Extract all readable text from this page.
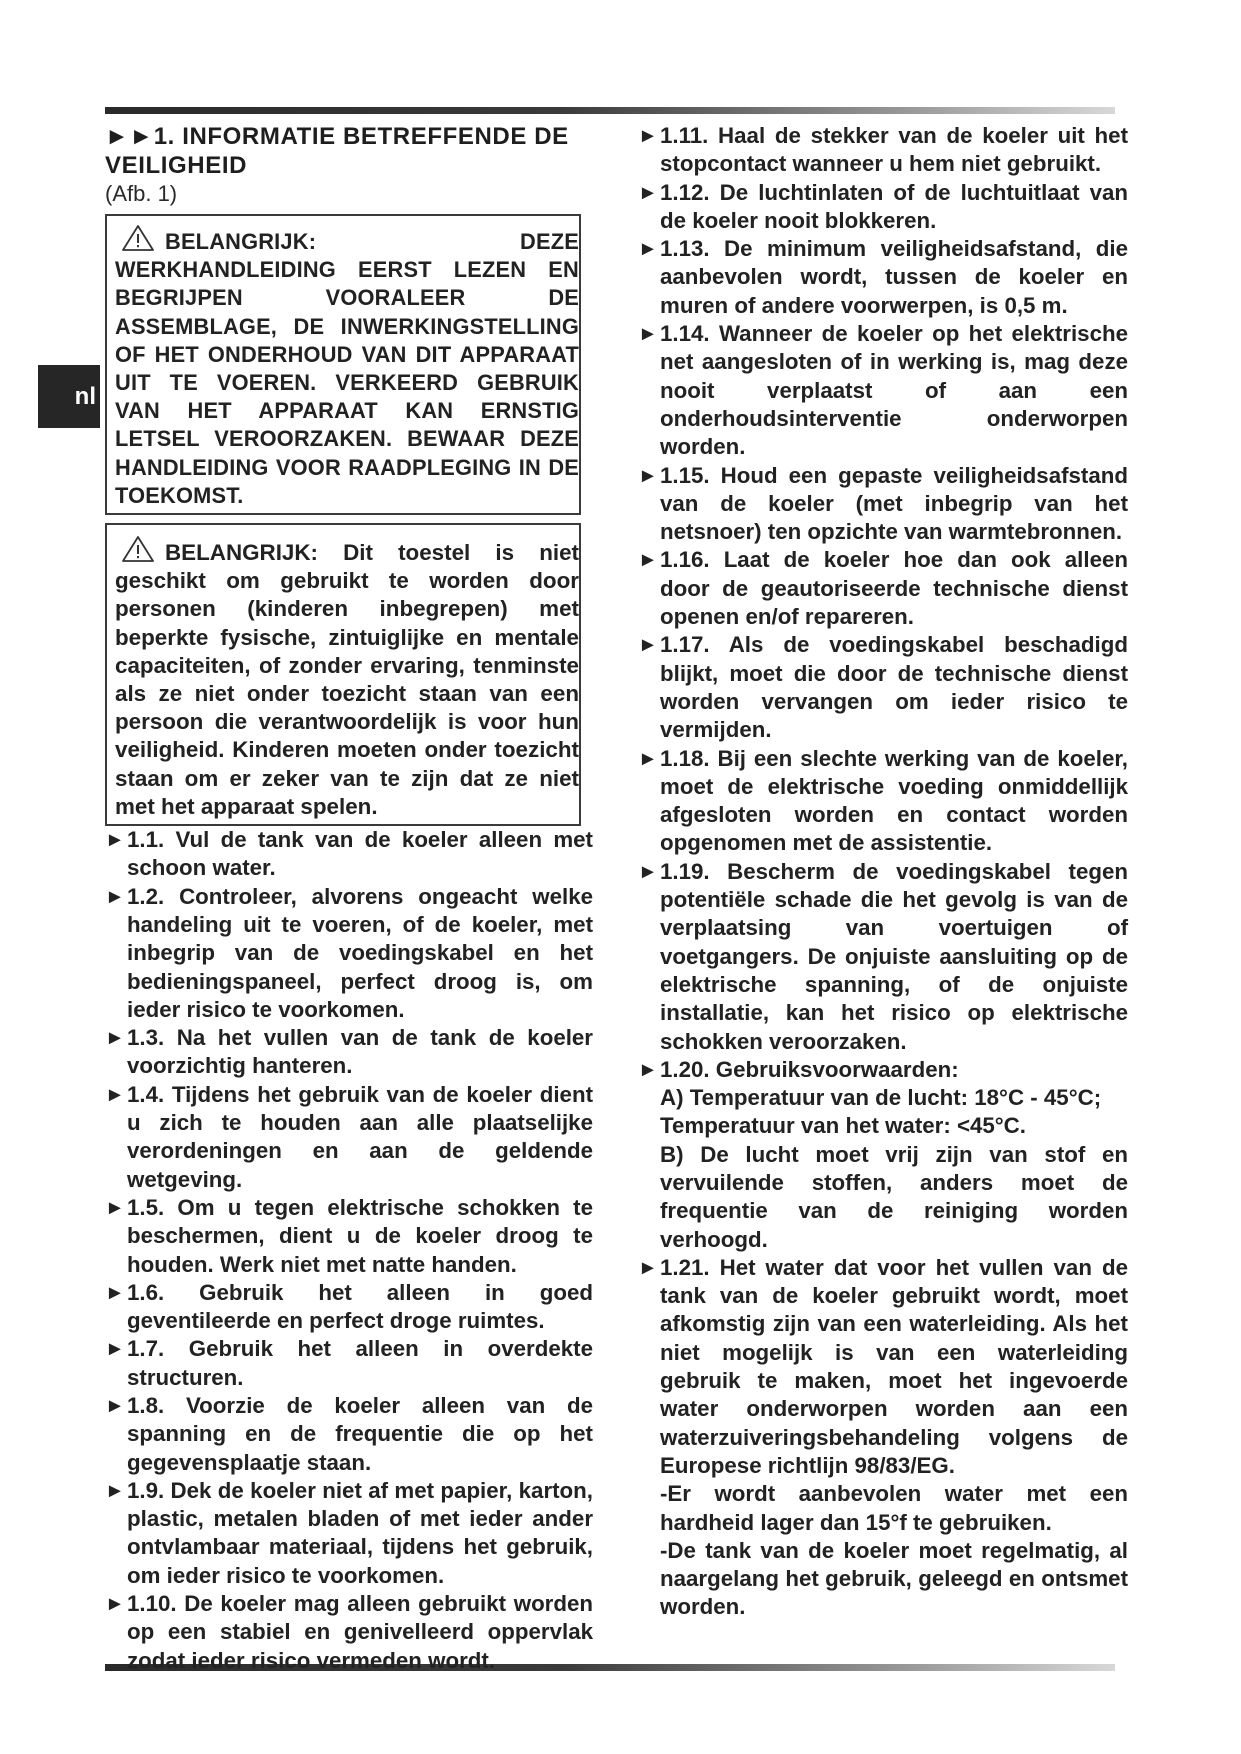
nl

►►1. INFORMATIE BETREFFENDE DE
VEILIGHEID

(Afb. 1)

BELANGRIJK: DEZE WERKHANDLEIDING EERST LEZEN EN BEGRIJPEN VOORALEER DE ASSEMBLAGE, DE INWERKINGSTELLING OF HET ONDERHOUD VAN DIT APPARAAT UIT TE VOEREN. VERKEERD GEBRUIK VAN HET APPARAAT KAN ERNSTIG LETSEL VEROORZAKEN. BEWAAR DEZE HANDLEIDING VOOR RAADPLEGING IN DE TOEKOMST.
BELANGRIJK: Dit toestel is niet geschikt om gebruikt te worden door personen (kinderen inbegrepen) met beperkte fysische, zintuiglijke en mentale capaciteiten, of zonder ervaring, tenminste als ze niet onder toezicht staan van een persoon die verantwoordelijk is voor hun veiligheid. Kinderen moeten onder toezicht staan om er zeker van te zijn dat ze niet met het apparaat spelen.
► 1.1. Vul de tank van de koeler alleen met schoon water.
► 1.2. Controleer, alvorens ongeacht welke handeling uit te voeren, of de koeler, met inbegrip van de voedingskabel en het bedieningspaneel, perfect droog is, om ieder risico te voorkomen.
► 1.3. Na het vullen van de tank de koeler voorzichtig hanteren.
► 1.4. Tijdens het gebruik van de koeler dient u zich te houden aan alle plaatselijke verordeningen en aan de geldende wetgeving.
► 1.5. Om u tegen elektrische schokken te beschermen, dient u de koeler droog te houden. Werk niet met natte handen.
► 1.6. Gebruik het alleen in goed geventileerde en perfect droge ruimtes.
► 1.7. Gebruik het alleen in overdekte structuren.
► 1.8. Voorzie de koeler alleen van de spanning en de frequentie die op het gegevensplaatje staan.
► 1.9. Dek de koeler niet af met papier, karton, plastic, metalen bladen of met ieder ander ontvlambaar materiaal, tijdens het gebruik, om ieder risico te voorkomen.
► 1.10. De koeler mag alleen gebruikt worden op een stabiel en genivelleerd oppervlak zodat ieder risico vermeden wordt.
► 1.11. Haal de stekker van de koeler uit het stopcontact wanneer u hem niet gebruikt.
► 1.12. De luchtinlaten of de luchtuitlaat van de koeler nooit blokkeren.
► 1.13. De minimum veiligheidsafstand, die aanbevolen wordt, tussen de koeler en muren of andere voorwerpen, is 0,5 m.
► 1.14. Wanneer de koeler op het elektrische net aangesloten of in werking is, mag deze nooit verplaatst of aan een onderhoudsinterventie onderworpen worden.
► 1.15. Houd een gepaste veiligheidsafstand van de koeler (met inbegrip van het netsnoer) ten opzichte van warmtebronnen.
► 1.16. Laat de koeler hoe dan ook alleen door de geautoriseerde technische dienst openen en/of repareren.
► 1.17. Als de voedingskabel beschadigd blijkt, moet die door de technische dienst worden vervangen om ieder risico te vermijden.
► 1.18. Bij een slechte werking van de koeler, moet de elektrische voeding onmiddellijk afgesloten worden en contact worden opgenomen met de assistentie.
► 1.19. Bescherm de voedingskabel tegen potentiële schade die het gevolg is van de verplaatsing van voertuigen of voetgangers. De onjuiste aansluiting op de elektrische spanning, of de onjuiste installatie, kan het risico op elektrische schokken veroorzaken.
► 1.20. Gebruiksvoorwaarden:
A) Temperatuur van de lucht: 18°C - 45°C;
Temperatuur van het water: <45°C.
B) De lucht moet vrij zijn van stof en vervuilende stoffen, anders moet de frequentie van de reiniging worden verhoogd.
► 1.21. Het water dat voor het vullen van de tank van de koeler gebruikt wordt, moet afkomstig zijn van een waterleiding. Als het niet mogelijk is van een waterleiding gebruik te maken, moet het ingevoerde water onderworpen worden aan een waterzuiveringsbehandeling volgens de Europese richtlijn 98/83/EG.
-Er wordt aanbevolen water met een hardheid lager dan 15°f te gebruiken.
-De tank van de koeler moet regelmatig, al naargelang het gebruik, geleegd en ontsmet worden.
